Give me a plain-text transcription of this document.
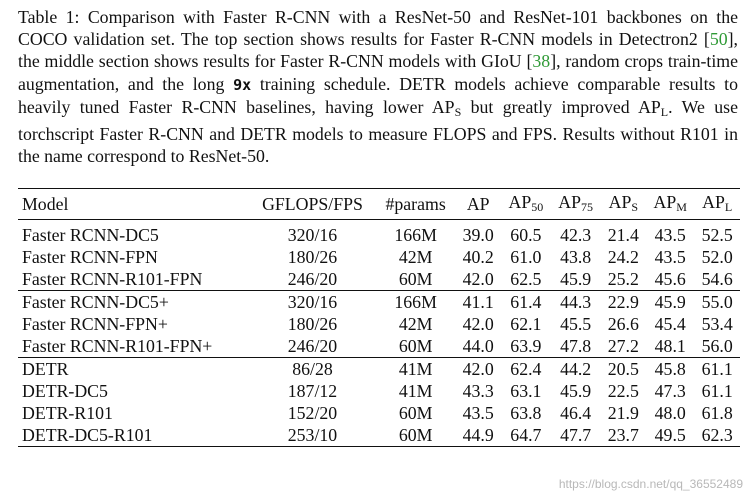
Table 1: Comparison with Faster R-CNN with a ResNet-50 and ResNet-101 backbones on the COCO validation set. The top section shows results for Faster R-CNN models in Detectron2 [50], the middle section shows results for Faster R-CNN models with GIoU [38], random crops train-time augmentation, and the long 9x training schedule. DETR models achieve comparable results to heavily tuned Faster R-CNN baselines, having lower $AP_S$ but greatly improved $AP_L$. We use torchscript Faster R-CNN and DETR models to measure FLOPS and FPS. Results without R101 in the name correspond to ResNet-50.
Model	GFLOPS/FPS	#params	AP	$AP_{50}$	$AP_{75}$	$AP_S$	$AP_M$	$AP_L$
Faster RCNN-DC5	320/16	166M	39.0	60.5	42.3	21.4	43.5	52.5
Faster RCNN-FPN	180/26	42M	40.2	61.0	43.8	24.2	43.5	52.0
Faster RCNN-R101-FPN	246/20	60M	42.0	62.5	45.9	25.2	45.6	54.6
Faster RCNN-DC5+	320/16	166M	41.1	61.4	44.3	22.9	45.9	55.0
Faster RCNN-FPN+	180/26	42M	42.0	62.1	45.5	26.6	45.4	53.4
Faster RCNN-R101-FPN+	246/20	60M	44.0	63.9	47.8	27.2	48.1	56.0
DETR	86/28	41M	42.0	62.4	44.2	20.5	45.8	61.1
DETR-DC5	187/12	41M	43.3	63.1	45.9	22.5	47.3	61.1
DETR-R101	152/20	60M	43.5	63.8	46.4	21.9	48.0	61.8
DETR-DC5-R101	253/10	60M	44.9	64.7	47.7	23.7	49.5	62.3
https://blog.csdn.net/qq_36552489
